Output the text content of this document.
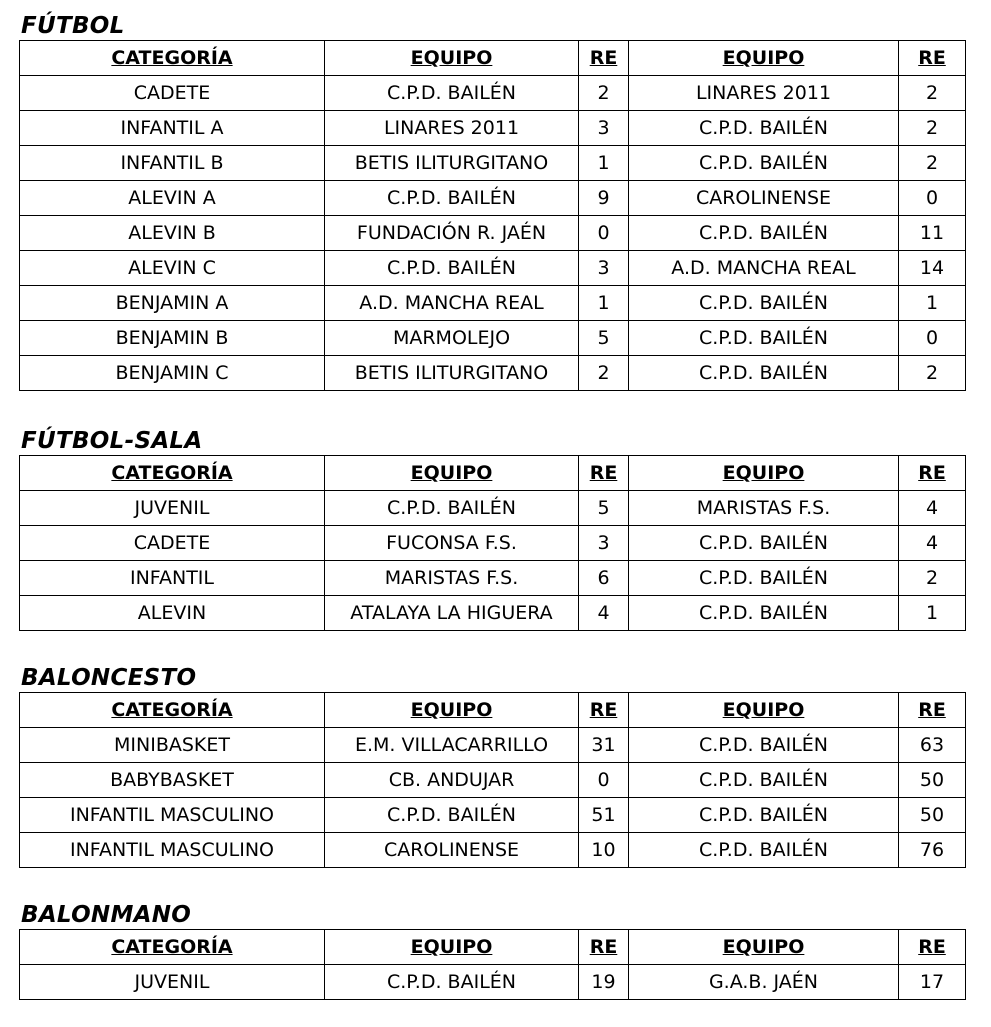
FÚTBOL
CATEGORÍA	EQUIPO	RE	EQUIPO	RE
CADETE	C.P.D. BAILÉN	2	LINARES 2011	2
INFANTIL A	LINARES 2011	3	C.P.D. BAILÉN	2
INFANTIL B	BETIS ILITURGITANO	1	C.P.D. BAILÉN	2
ALEVIN A	C.P.D. BAILÉN	9	CAROLINENSE	0
ALEVIN B	FUNDACIÓN R. JAÉN	0	C.P.D. BAILÉN	11
ALEVIN C	C.P.D. BAILÉN	3	A.D. MANCHA REAL	14
BENJAMIN A	A.D. MANCHA REAL	1	C.P.D. BAILÉN	1
BENJAMIN B	MARMOLEJO	5	C.P.D. BAILÉN	0
BENJAMIN C	BETIS ILITURGITANO	2	C.P.D. BAILÉN	2
FÚTBOL-SALA
CATEGORÍA	EQUIPO	RE	EQUIPO	RE
JUVENIL	C.P.D. BAILÉN	5	MARISTAS F.S.	4
CADETE	FUCONSA F.S.	3	C.P.D. BAILÉN	4
INFANTIL	MARISTAS F.S.	6	C.P.D. BAILÉN	2
ALEVIN	ATALAYA LA HIGUERA	4	C.P.D. BAILÉN	1
BALONCESTO
CATEGORÍA	EQUIPO	RE	EQUIPO	RE
MINIBASKET	E.M. VILLACARRILLO	31	C.P.D. BAILÉN	63
BABYBASKET	CB. ANDUJAR	0	C.P.D. BAILÉN	50
INFANTIL MASCULINO	C.P.D. BAILÉN	51	C.P.D. BAILÉN	50
INFANTIL MASCULINO	CAROLINENSE	10	C.P.D. BAILÉN	76
BALONMANO
CATEGORÍA	EQUIPO	RE	EQUIPO	RE
JUVENIL	C.P.D. BAILÉN	19	G.A.B. JAÉN	17
